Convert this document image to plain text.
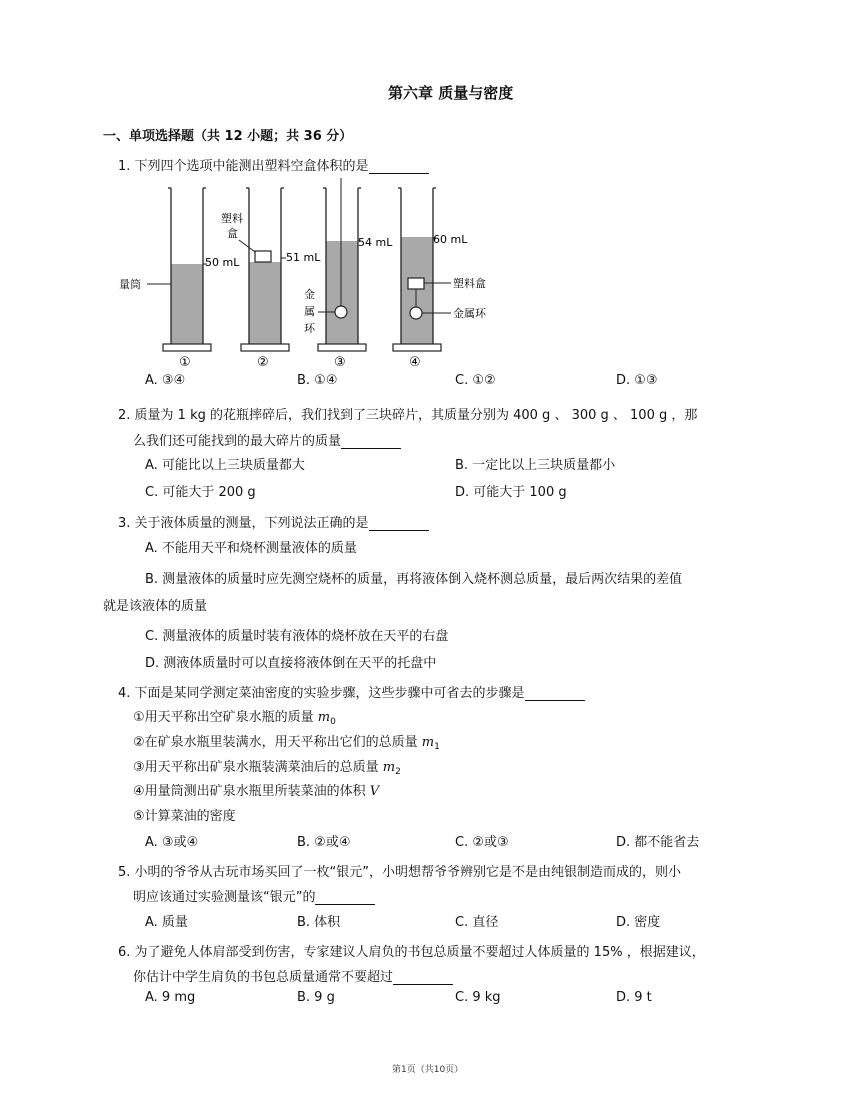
第六章 质量与密度
一、单项选择题（共 12 小题；共 36 分）
1. 下列四个选项中能测出塑料空盒体积的是
50 mL
量筒
①
51 mL
塑料
盒
②
54 mL
金
属
环
③
60 mL
塑料盒
金属环
④
A. ③④	B. ①④	C. ①②	D. ①③
2. 质量为 1 kg 的花瓶摔碎后，我们找到了三块碎片，其质量分别为 400 g 、 300 g 、 100 g ，那
么我们还可能找到的最大碎片的质量
A. 可能比以上三块质量都大	B. 一定比以上三块质量都小
C. 可能大于 200 g	D. 可能大于 100 g
3. 关于液体质量的测量，下列说法正确的是
A. 不能用天平和烧杯测量液体的质量
B. 测量液体的质量时应先测空烧杯的质量，再将液体倒入烧杯测总质量，最后两次结果的差值
就是该液体的质量
C. 测量液体的质量时装有液体的烧杯放在天平的右盘
D. 测液体质量时可以直接将液体倒在天平的托盘中
4. 下面是某同学测定菜油密度的实验步骤，这些步骤中可省去的步骤是
①用天平称出空矿泉水瓶的质量 $m_0$
②在矿泉水瓶里装满水，用天平称出它们的总质量 $m_1$
③用天平称出矿泉水瓶装满菜油后的总质量 $m_2$
④用量筒测出矿泉水瓶里所装菜油的体积 V
⑤计算菜油的密度
A. ③或④	B. ②或④	C. ②或③	D. 都不能省去
5. 小明的爷爷从古玩市场买回了一枚“银元”，小明想帮爷爷辨别它是不是由纯银制造而成的，则小
明应该通过实验测量该“银元”的
A. 质量	B. 体积	C. 直径	D. 密度
6. 为了避免人体肩部受到伤害，专家建议人肩负的书包总质量不要超过人体质量的 15% ，根据建议，
你估计中学生肩负的书包总质量通常不要超过
A. 9 mg	B. 9 g	C. 9 kg	D. 9 t
第1页（共10页）
